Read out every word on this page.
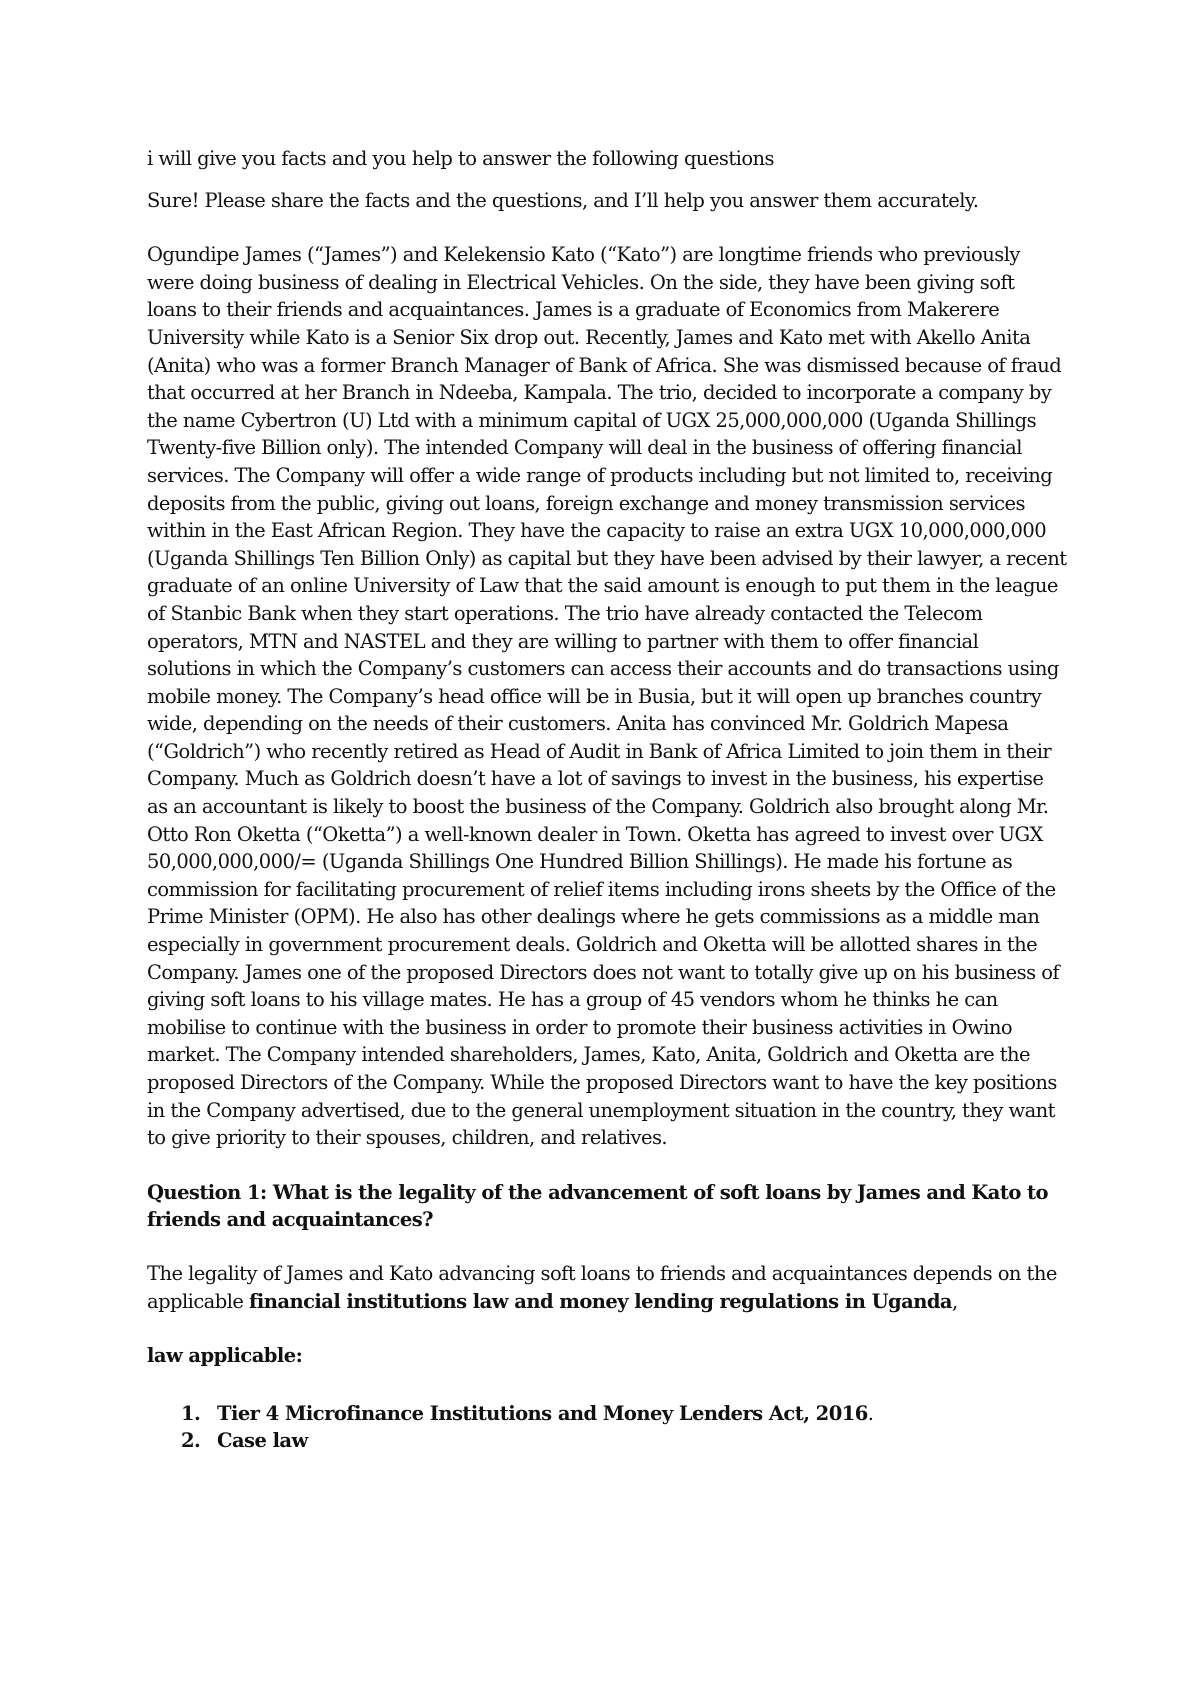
i will give you facts and you help to answer the following questions

Sure! Please share the facts and the questions, and I’ll help you answer them accurately.

Ogundipe James (“James”) and Kelekensio Kato (“Kato”) are longtime friends who previously were doing business of dealing in Electrical Vehicles. On the side, they have been giving soft loans to their friends and acquaintances. James is a graduate of Economics from Makerere University while Kato is a Senior Six drop out. Recently, James and Kato met with Akello Anita (Anita) who was a former Branch Manager of Bank of Africa. She was dismissed because of fraud that occurred at her Branch in Ndeeba, Kampala. The trio, decided to incorporate a company by the name Cybertron (U) Ltd with a minimum capital of UGX 25,000,000,000 (Uganda Shillings Twenty-five Billion only). The intended Company will deal in the business of offering financial services. The Company will offer a wide range of products including but not limited to, receiving deposits from the public, giving out loans, foreign exchange and money transmission services within in the East African Region. They have the capacity to raise an extra UGX 10,000,000,000 (Uganda Shillings Ten Billion Only) as capital but they have been advised by their lawyer, a recent graduate of an online University of Law that the said amount is enough to put them in the league of Stanbic Bank when they start operations. The trio have already contacted the Telecom operators, MTN and NASTEL and they are willing to partner with them to offer financial solutions in which the Company’s customers can access their accounts and do transactions using mobile money. The Company’s head office will be in Busia, but it will open up branches country wide, depending on the needs of their customers. Anita has convinced Mr. Goldrich Mapesa (“Goldrich”) who recently retired as Head of Audit in Bank of Africa Limited to join them in their Company. Much as Goldrich doesn’t have a lot of savings to invest in the business, his expertise as an accountant is likely to boost the business of the Company. Goldrich also brought along Mr. Otto Ron Oketta (“Oketta”) a well-known dealer in Town. Oketta has agreed to invest over UGX 50,000,000,000/= (Uganda Shillings One Hundred Billion Shillings). He made his fortune as commission for facilitating procurement of relief items including irons sheets by the Office of the Prime Minister (OPM). He also has other dealings where he gets commissions as a middle man especially in government procurement deals. Goldrich and Oketta will be allotted shares in the Company. James one of the proposed Directors does not want to totally give up on his business of giving soft loans to his village mates. He has a group of 45 vendors whom he thinks he can mobilise to continue with the business in order to promote their business activities in Owino market. The Company intended shareholders, James, Kato, Anita, Goldrich and Oketta are the proposed Directors of the Company. While the proposed Directors want to have the key positions in the Company advertised, due to the general unemployment situation in the country, they want to give priority to their spouses, children, and relatives.

Question 1: What is the legality of the advancement of soft loans by James and Kato to friends and acquaintances?

The legality of James and Kato advancing soft loans to friends and acquaintances depends on the applicable financial institutions law and money lending regulations in Uganda,

law applicable:

1. Tier 4 Microfinance Institutions and Money Lenders Act, 2016.
2. Case law
